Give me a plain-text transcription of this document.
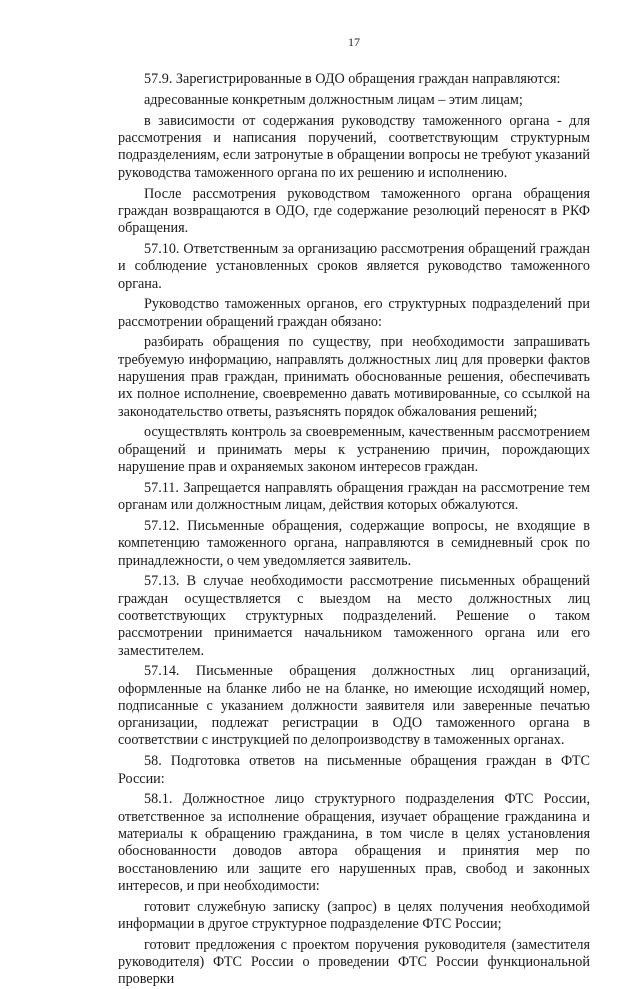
17

57.9. Зарегистрированные в ОДО обращения граждан направляются:

адресованные конкретным должностным лицам – этим лицам;

в зависимости от содержания руководству таможенного органа - для рассмотрения и написания поручений, соответствующим структурным подразделениям, если затронутые в обращении вопросы не требуют указаний руководства таможенного органа по их решению и исполнению.

После рассмотрения руководством таможенного органа обращения граждан возвращаются в ОДО, где содержание резолюций переносят в РКФ обращения.

57.10. Ответственным за организацию рассмотрения обращений граждан и соблюдение установленных сроков является руководство таможенного органа.

Руководство таможенных органов, его структурных подразделений при рассмотрении обращений граждан обязано:

разбирать обращения по существу, при необходимости запрашивать требуемую информацию, направлять должностных лиц для проверки фактов нарушения прав граждан, принимать обоснованные решения, обеспечивать их полное исполнение, своевременно давать мотивированные, со ссылкой на законодательство ответы, разъяснять порядок обжалования решений;

осуществлять контроль за своевременным, качественным рассмотрением обращений и принимать меры к устранению причин, порождающих нарушение прав и охраняемых законом интересов граждан.

57.11. Запрещается направлять обращения граждан на рассмотрение тем органам или должностным лицам, действия которых обжалуются.

57.12. Письменные обращения, содержащие вопросы, не входящие в компетенцию таможенного органа, направляются в семидневный срок по принадлежности, о чем уведомляется заявитель.

57.13. В случае необходимости рассмотрение письменных обращений граждан осуществляется с выездом на место должностных лиц соответствующих структурных подразделений. Решение о таком рассмотрении принимается начальником таможенного органа или его заместителем.

57.14. Письменные обращения должностных лиц организаций, оформленные на бланке либо не на бланке, но имеющие исходящий номер, подписанные с указанием должности заявителя или заверенные печатью организации, подлежат регистрации в ОДО таможенного органа в соответствии с инструкцией по делопроизводству в таможенных органах.

58. Подготовка ответов на письменные обращения граждан в ФТС России:

58.1. Должностное лицо структурного подразделения ФТС России, ответственное за исполнение обращения, изучает обращение гражданина и материалы к обращению гражданина, в том числе в целях установления обоснованности доводов автора обращения и принятия мер по восстановлению или защите его нарушенных прав, свобод и законных интересов, и при необходимости:

готовит служебную записку (запрос) в целях получения необходимой информации в другое структурное подразделение ФТС России;

готовит предложения с проектом поручения руководителя (заместителя руководителя) ФТС России о проведении ФТС России функциональной проверки
